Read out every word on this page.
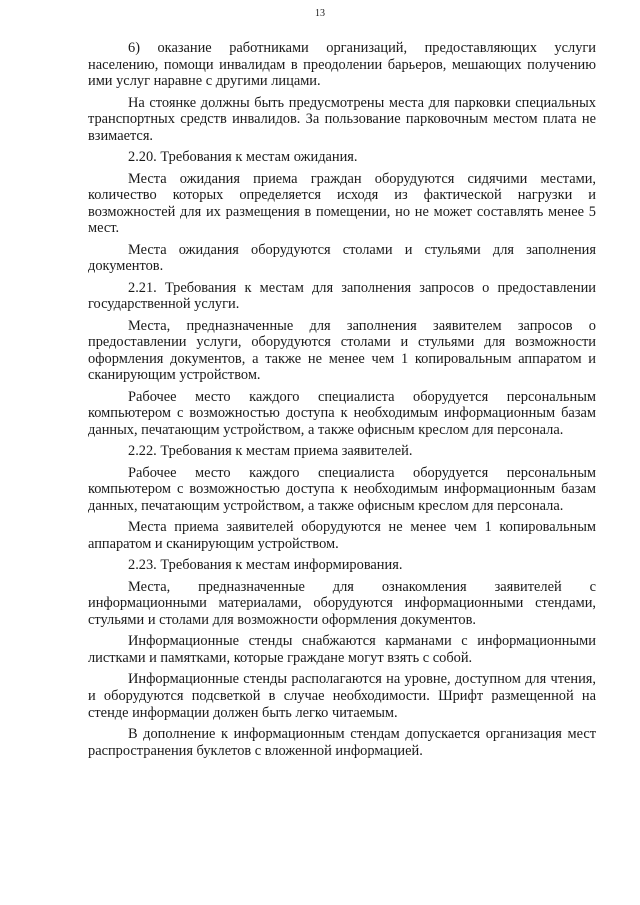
13

6) оказание работниками организаций, предоставляющих услуги населению, помощи инвалидам в преодолении барьеров, мешающих получению ими услуг наравне с другими лицами.

На стоянке должны быть предусмотрены места для парковки специальных транспортных средств инвалидов. За пользование парковочным местом плата не взимается.

2.20. Требования к местам ожидания.

Места ожидания приема граждан оборудуются сидячими местами, количество которых определяется исходя из фактической нагрузки и возможностей для их размещения в помещении, но не может составлять менее 5 мест.

Места ожидания оборудуются столами и стульями для заполнения документов.

2.21. Требования к местам для заполнения запросов о предоставлении государственной услуги.

Места, предназначенные для заполнения заявителем запросов о предоставлении услуги, оборудуются столами и стульями для возможности оформления документов, а также не менее чем 1 копировальным аппаратом и сканирующим устройством.

Рабочее место каждого специалиста оборудуется персональным компьютером с возможностью доступа к необходимым информационным базам данных, печатающим устройством, а также офисным креслом для персонала.

2.22. Требования к местам приема заявителей.

Рабочее место каждого специалиста оборудуется персональным компьютером с возможностью доступа к необходимым информационным базам данных, печатающим устройством, а также офисным креслом для персонала.

Места приема заявителей оборудуются не менее чем 1 копировальным аппаратом и сканирующим устройством.

2.23. Требования к местам информирования.

Места, предназначенные для ознакомления заявителей с информационными материалами, оборудуются информационными стендами, стульями и столами для возможности оформления документов.

Информационные стенды снабжаются карманами с информационными листками и памятками, которые граждане могут взять с собой.

Информационные стенды располагаются на уровне, доступном для чтения, и оборудуются подсветкой в случае необходимости. Шрифт размещенной на стенде информации должен быть легко читаемым.

В дополнение к информационным стендам допускается организация мест распространения буклетов с вложенной информацией.
